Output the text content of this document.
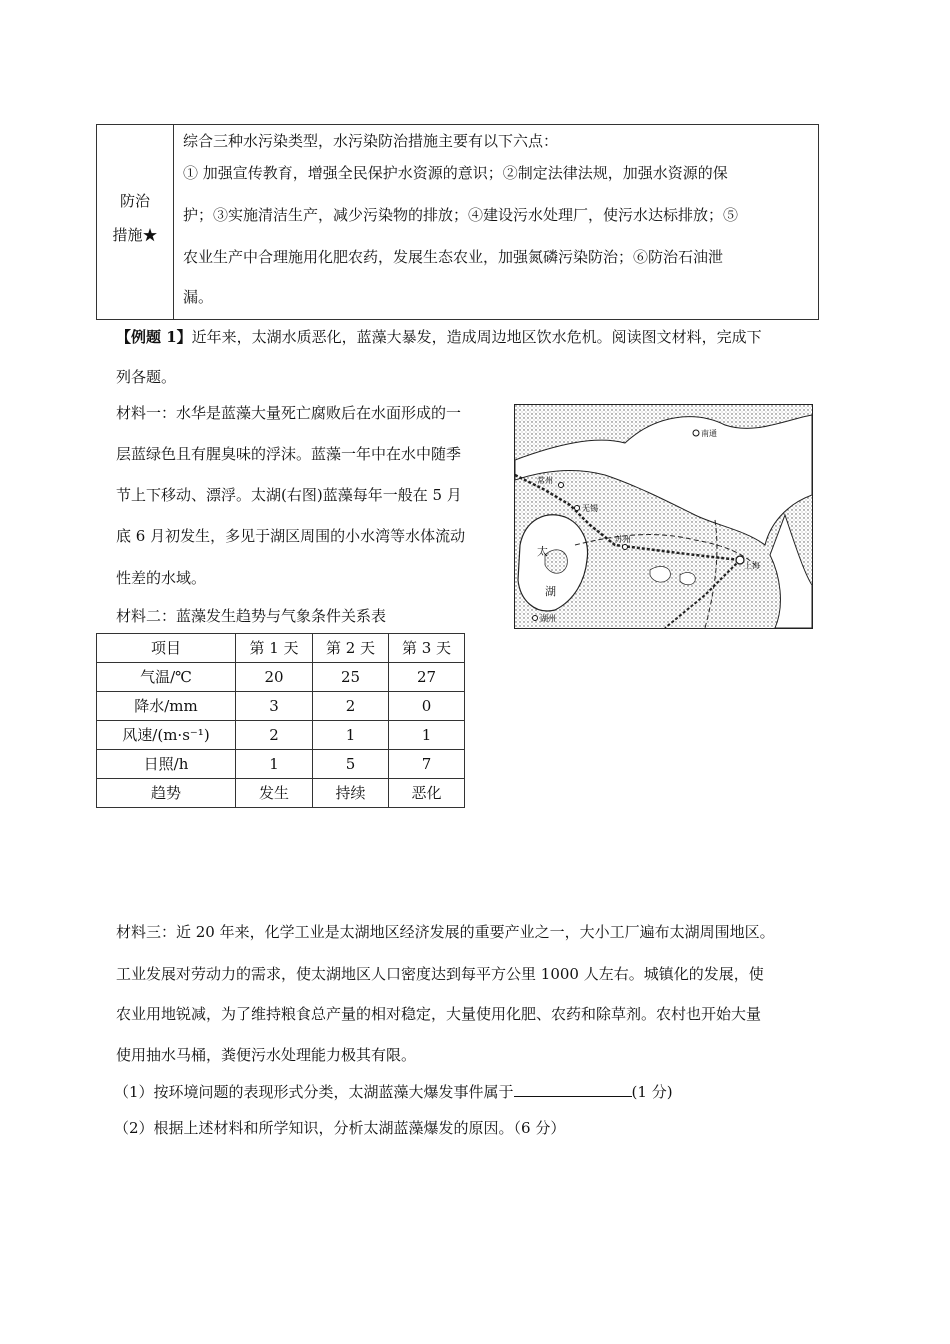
防治
措施★
综合三种水污染类型，水污染防治措施主要有以下六点：
① 加强宣传教育，增强全民保护水资源的意识；②制定法律法规，加强水资源的保
护；③实施清洁生产，减少污染物的排放；④建设污水处理厂，使污水达标排放；⑤
农业生产中合理施用化肥农药，发展生态农业，加强氮磷污染防治；⑥防治石油泄
漏。
【例题 1】近年来，太湖水质恶化，蓝藻大暴发，造成周边地区饮水危机。阅读图文材料，完成下
列各题。
材料一：水华是蓝藻大量死亡腐败后在水面形成的一
层蓝绿色且有腥臭味的浮沫。蓝藻一年中在水中随季
节上下移动、漂浮。太湖(右图)蓝藻每年一般在 5 月
底 6 月初发生，多见于湖区周围的小水湾等水体流动
性差的水域。
南通
常州
无锡
苏州
上海
湖州
太
湖
材料二：蓝藻发生趋势与气象条件关系表
项目	第 1 天	第 2 天	第 3 天
气温/℃	20	25	27
降水/mm	3	2	0
风速/(m·s⁻¹)	2	1	1
日照/h	1	5	7
趋势	发生	持续	恶化
材料三：近 20 年来，化学工业是太湖地区经济发展的重要产业之一，大小工厂遍布太湖周围地区。
工业发展对劳动力的需求，使太湖地区人口密度达到每平方公里 1000 人左右。城镇化的发展，使
农业用地锐减，为了维持粮食总产量的相对稳定，大量使用化肥、农药和除草剂。农村也开始大量
使用抽水马桶，粪便污水处理能力极其有限。
（1）按环境问题的表现形式分类，太湖蓝藻大爆发事件属于	(1 分)
（2）根据上述材料和所学知识，分析太湖蓝藻爆发的原因。（6 分）
